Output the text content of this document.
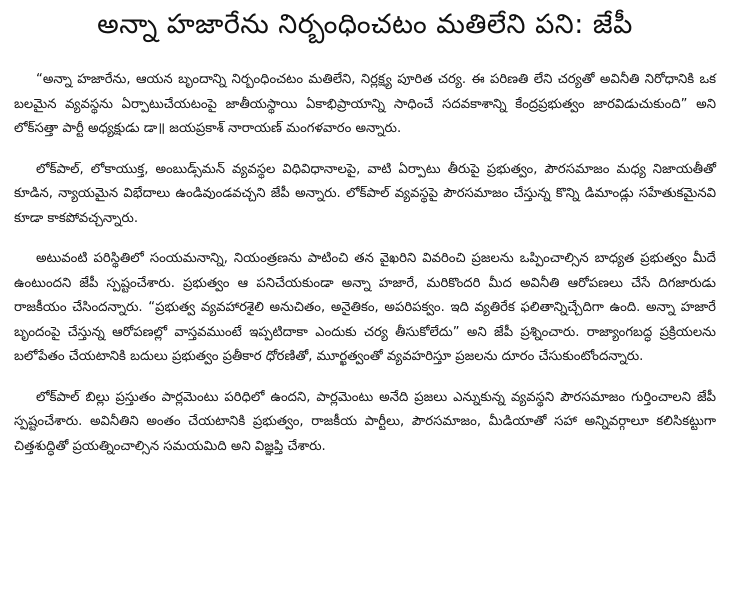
అన్నా హజారేను నిర్బంధించటం మతిలేని పని: జేపీ

“అన్నా హజారేను, ఆయన బృందాన్ని నిర్బంధించటం మతిలేని, నిర్లక్ష్య పూరిత చర్య. ఈ పరిణతి లేని చర్యతో అవినీతి నిరోధానికి ఒక బలమైన వ్యవస్థను ఏర్పాటుచేయటంపై జాతీయస్థాయి ఏకాభిప్రాయాన్ని సాధించే సదవకాశాన్ని కేంద్రప్రభుత్వం జారవిడుచుకుంది” అని లోక్‌సత్తా పార్టీ అధ్యక్షుడు డా॥ జయప్రకాశ్ నారాయణ్ మంగళవారం అన్నారు.

లోక్‌పాల్, లోకాయుక్త, అంబుడ్స్‌మన్ వ్యవస్థల విధివిధానాలపై, వాటి ఏర్పాటు తీరుపై ప్రభుత్వం, పౌరసమాజం మధ్య నిజాయతీతో కూడిన, న్యాయమైన విభేదాలు ఉండివుండవచ్చని జేపీ అన్నారు. లోక్‌పాల్ వ్యవస్థపై పౌరసమాజం చేస్తున్న కొన్ని డిమాండ్లు సహేతుకమైనవి కూడా కాకపోవచ్చన్నారు.

అటువంటి పరిస్థితిలో సంయమనాన్ని, నియంత్రణను పాటించి తన వైఖరిని వివరించి ప్రజలను ఒప్పించాల్సిన బాధ్యత ప్రభుత్వం మీదే ఉంటుందని జేపీ స్పష్టంచేశారు. ప్రభుత్వం ఆ పనిచేయకుండా అన్నా హజారే, మరికొందరి మీద అవినీతి ఆరోపణలు చేసే దిగజారుడు రాజకీయం చేసిందన్నారు. “ప్రభుత్వ వ్యవహారశైలి అనుచితం, అనైతికం, అపరిపక్వం. ఇది వ్యతిరేక ఫలితాన్నిచ్చేదిగా ఉంది. అన్నా హజారే బృందంపై చేస్తున్న ఆరోపణల్లో వాస్తవముంటే ఇప్పటిదాకా ఎందుకు చర్య తీసుకోలేదు” అని జేపీ ప్రశ్నించారు. రాజ్యాంగబద్ధ ప్రక్రియలను బలోపేతం చేయటానికి బదులు ప్రభుత్వం ప్రతీకార ధోరణితో, మూర్ఖత్వంతో వ్యవహరిస్తూ ప్రజలను దూరం చేసుకుంటోందన్నారు.

లోక్‌పాల్ బిల్లు ప్రస్తుతం పార్లమెంటు పరిధిలో ఉందని, పార్లమెంటు అనేది ప్రజలు ఎన్నుకున్న వ్యవస్థని పౌరసమాజం గుర్తించాలని జేపీ స్పష్టంచేశారు. అవినీతిని అంతం చేయటానికి ప్రభుత్వం, రాజకీయ పార్టీలు, పౌరసమాజం, మీడియాతో సహా అన్నివర్గాలూ కలిసికట్టుగా చిత్తశుద్ధితో ప్రయత్నించాల్సిన సమయమిది అని విజ్ఞప్తి చేశారు.
